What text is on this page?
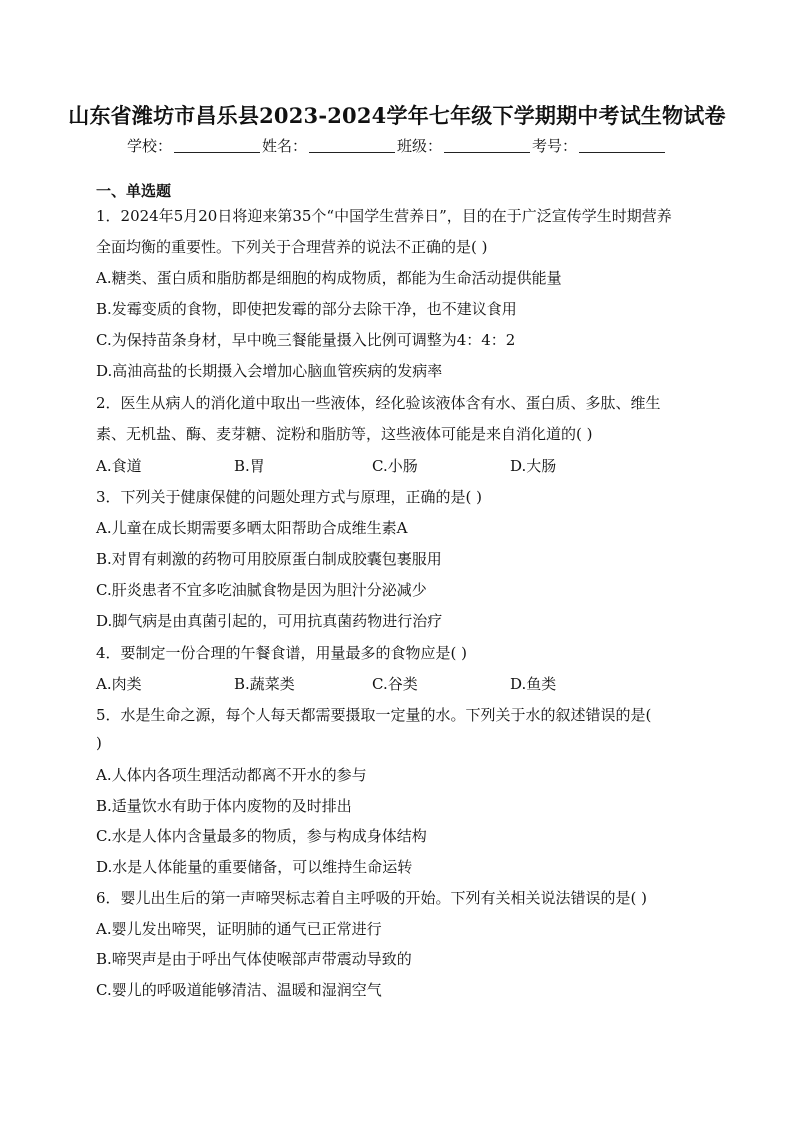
山东省潍坊市昌乐县2023-2024学年七年级下学期期中考试生物试卷
学校：	姓名：	班级：	考号：
一、单选题
1．2024年5月20日将迎来第35个“中国学生营养日”，目的在于广泛宣传学生时期营养
全面均衡的重要性。下列关于合理营养的说法不正确的是( )
A.糖类、蛋白质和脂肪都是细胞的构成物质，都能为生命活动提供能量
B.发霉变质的食物，即使把发霉的部分去除干净，也不建议食用
C.为保持苗条身材，早中晚三餐能量摄入比例可调整为4：4：2
D.高油高盐的长期摄入会增加心脑血管疾病的发病率
2．医生从病人的消化道中取出一些液体，经化验该液体含有水、蛋白质、多肽、维生
素、无机盐、酶、麦芽糖、淀粉和脂肪等，这些液体可能是来自消化道的( )
A.食道	B.胃	C.小肠	D.大肠
3．下列关于健康保健的问题处理方式与原理，正确的是( )
A.儿童在成长期需要多晒太阳帮助合成维生素A
B.对胃有刺激的药物可用胶原蛋白制成胶囊包裹服用
C.肝炎患者不宜多吃油腻食物是因为胆汁分泌减少
D.脚气病是由真菌引起的，可用抗真菌药物进行治疗
4．要制定一份合理的午餐食谱，用量最多的食物应是( )
A.肉类	B.蔬菜类	C.谷类	D.鱼类
5．水是生命之源，每个人每天都需要摄取一定量的水。下列关于水的叙述错误的是(
)
A.人体内各项生理活动都离不开水的参与
B.适量饮水有助于体内废物的及时排出
C.水是人体内含量最多的物质，参与构成身体结构
D.水是人体能量的重要储备，可以维持生命运转
6．婴儿出生后的第一声啼哭标志着自主呼吸的开始。下列有关相关说法错误的是( )
A.婴儿发出啼哭，证明肺的通气已正常进行
B.啼哭声是由于呼出气体使喉部声带震动导致的
C.婴儿的呼吸道能够清洁、温暖和湿润空气
